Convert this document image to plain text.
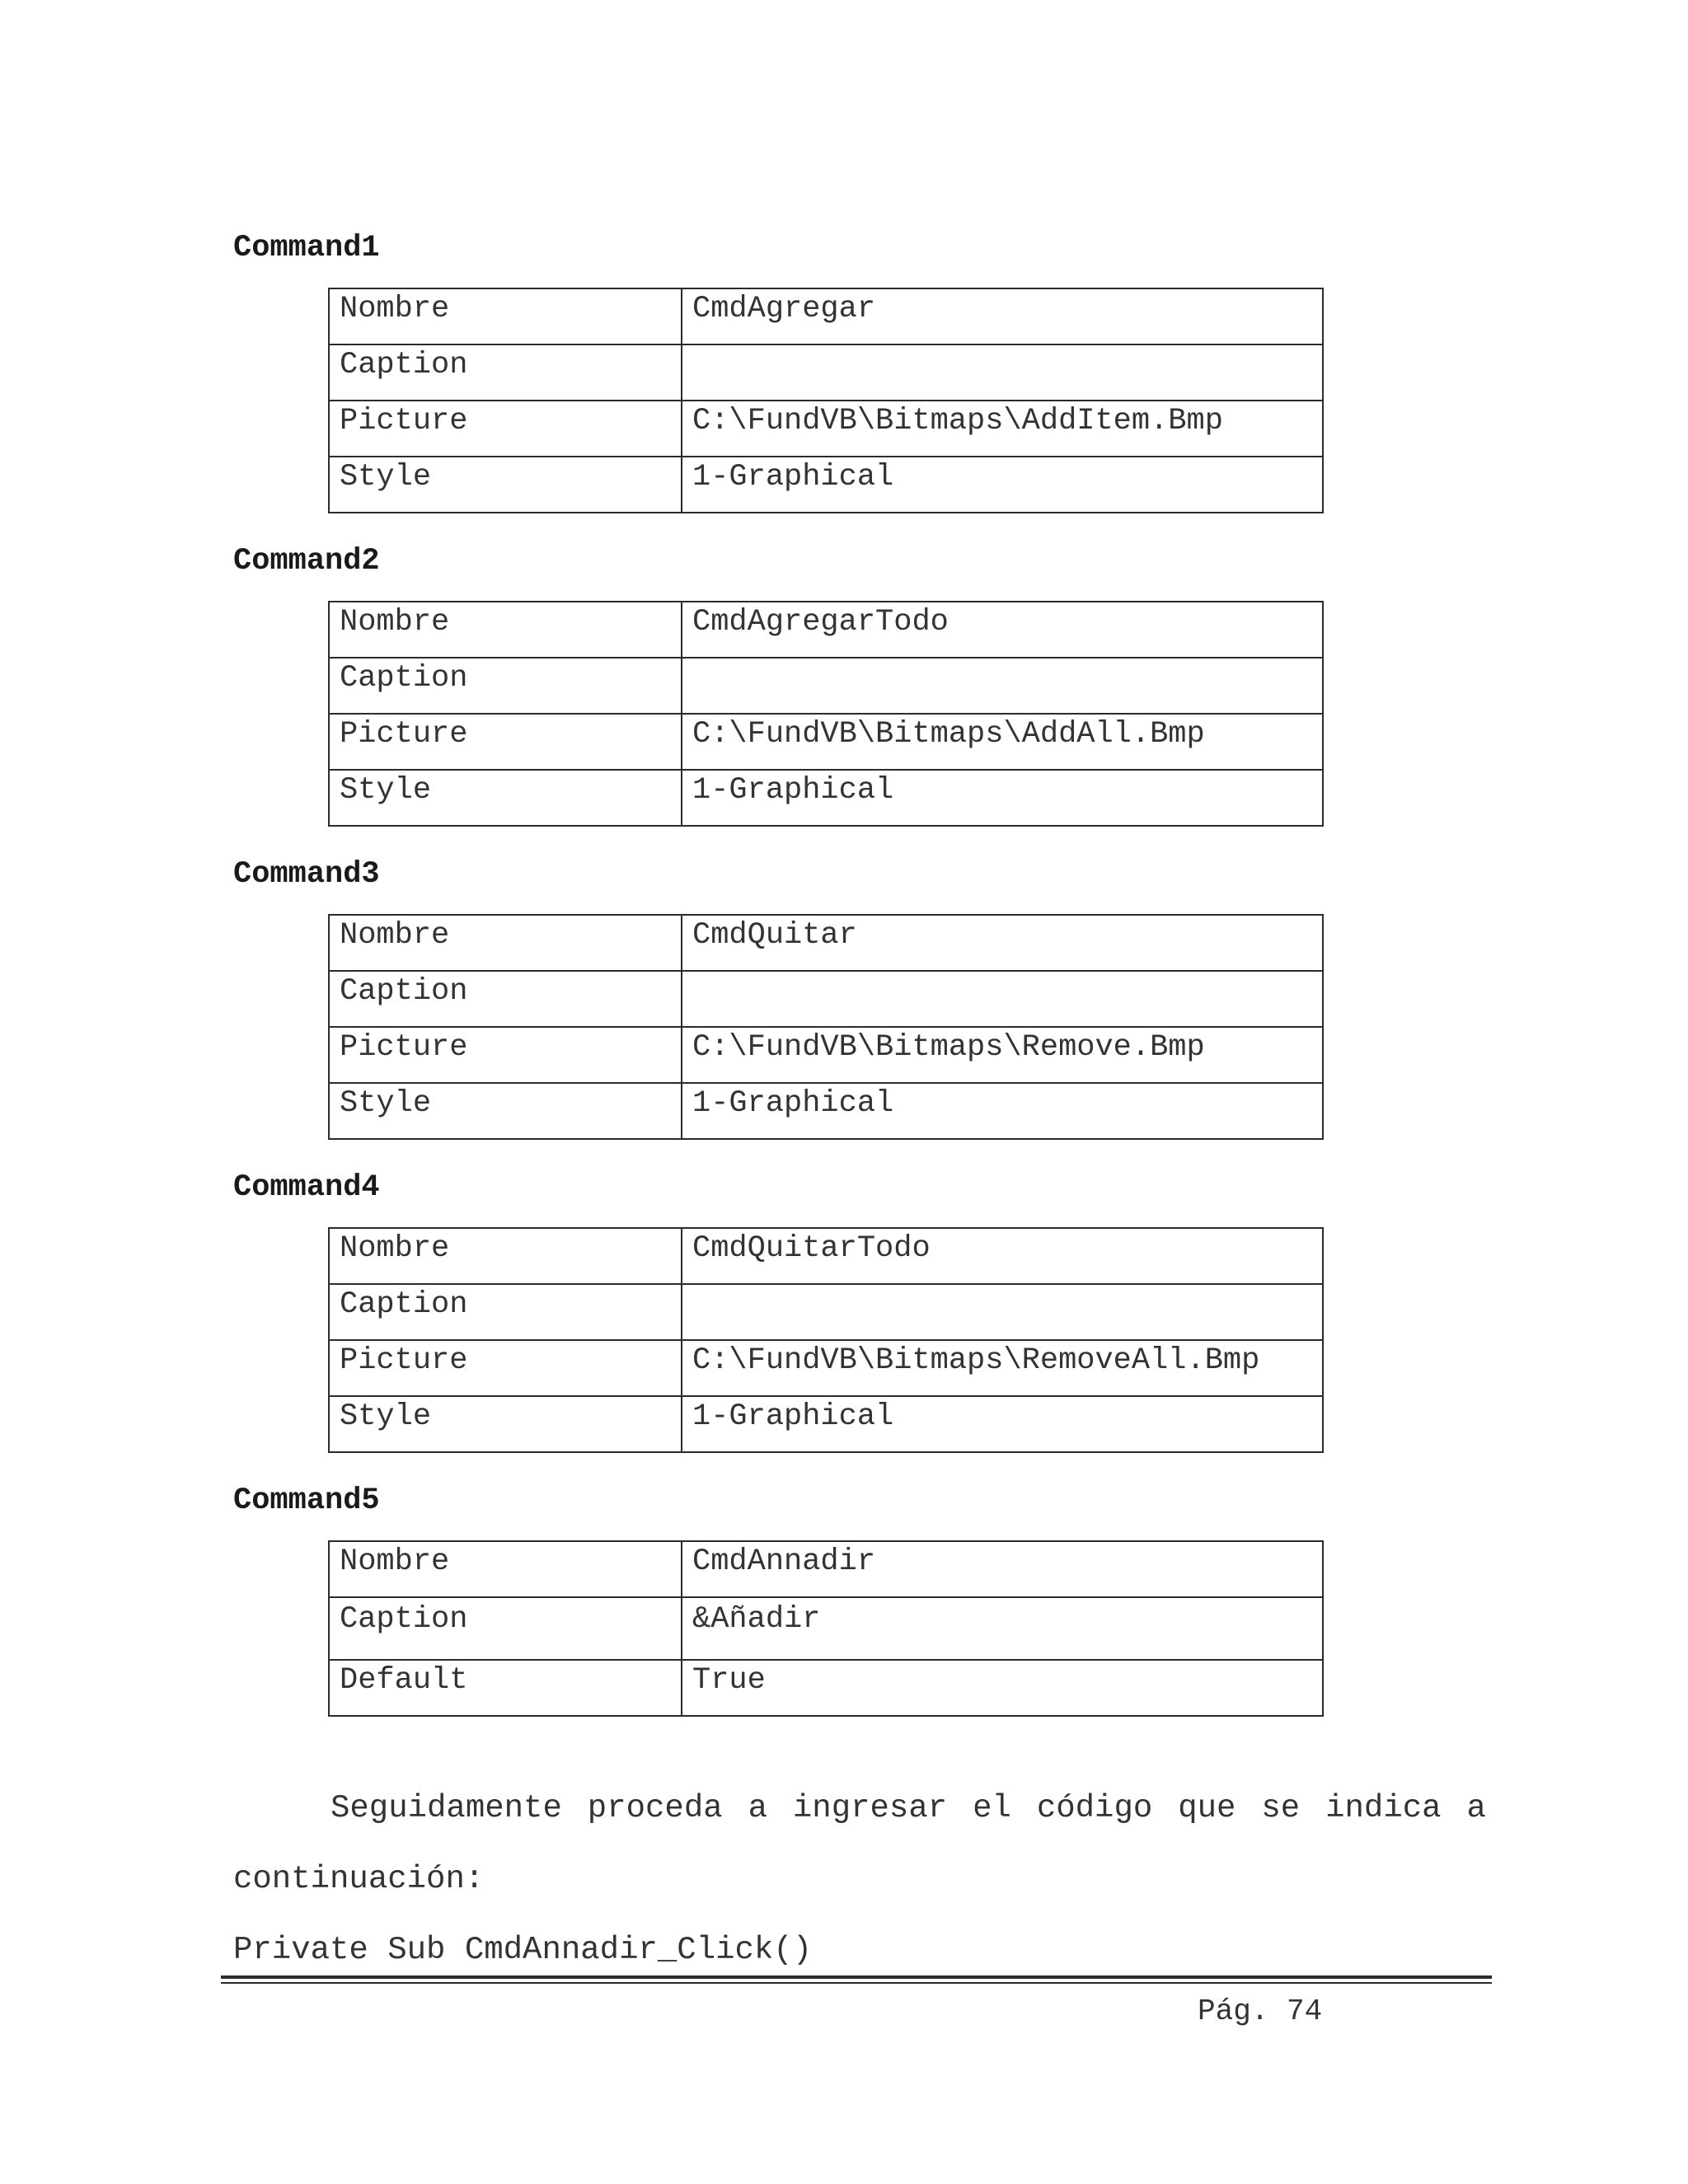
Command1
Nombre	CmdAgregar
Caption	
Picture	C:\FundVB\Bitmaps\AddItem.Bmp
Style	1-Graphical
Command2
Nombre	CmdAgregarTodo
Caption	
Picture	C:\FundVB\Bitmaps\AddAll.Bmp
Style	1-Graphical
Command3
Nombre	CmdQuitar
Caption	
Picture	C:\FundVB\Bitmaps\Remove.Bmp
Style	1-Graphical
Command4
Nombre	CmdQuitarTodo
Caption	
Picture	C:\FundVB\Bitmaps\RemoveAll.Bmp
Style	1-Graphical
Command5
Nombre	CmdAnnadir
Caption	&Añadir
Default	True
Seguidamente proceda a ingresar el código que se indica a
continuación:
Private Sub CmdAnnadir_Click()
Pág. 74
